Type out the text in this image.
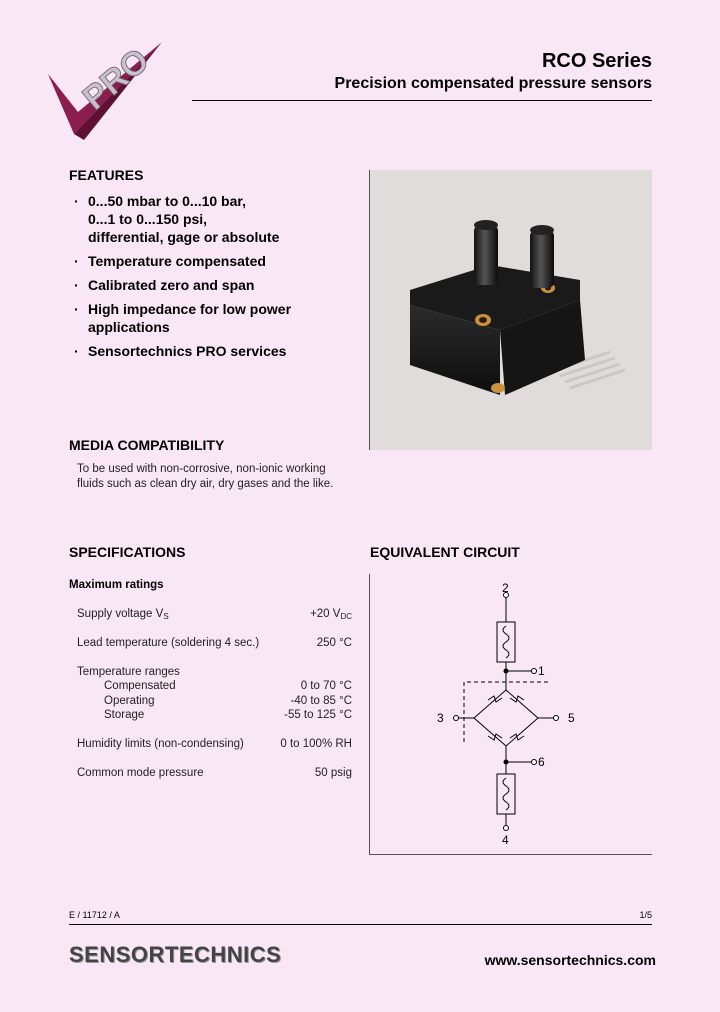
PRO	RCO Series
Precision compensated pressure sensors
FEATURES
· 0...50 mbar to 0...10 bar,
0...1 to 0...150 psi,
differential, gage or absolute
· Temperature compensated
· Calibrated zero and span
· High impedance for low power
applications
· Sensortechnics PRO services
MEDIA COMPATIBILITY
To be used with non-corrosive, non-ionic working
fluids such as clean dry air, dry gases and the like.
SPECIFICATIONS
Maximum ratings
Supply voltage $V_S$	+20 $V_{DC}$
Lead temperature (soldering 4 sec.)	250 °C
Temperature ranges
Compensated	0 to 70 °C
Operating	-40 to 85 °C
Storage	-55 to 125 °C
Humidity limits (non-condensing)	0 to 100% RH
Common mode pressure	50 psig
EQUIVALENT CIRCUIT
2
1
3	5
6
4
E / 11712 / A	1/5
SENSORTECHNICS	www.sensortechnics.com
